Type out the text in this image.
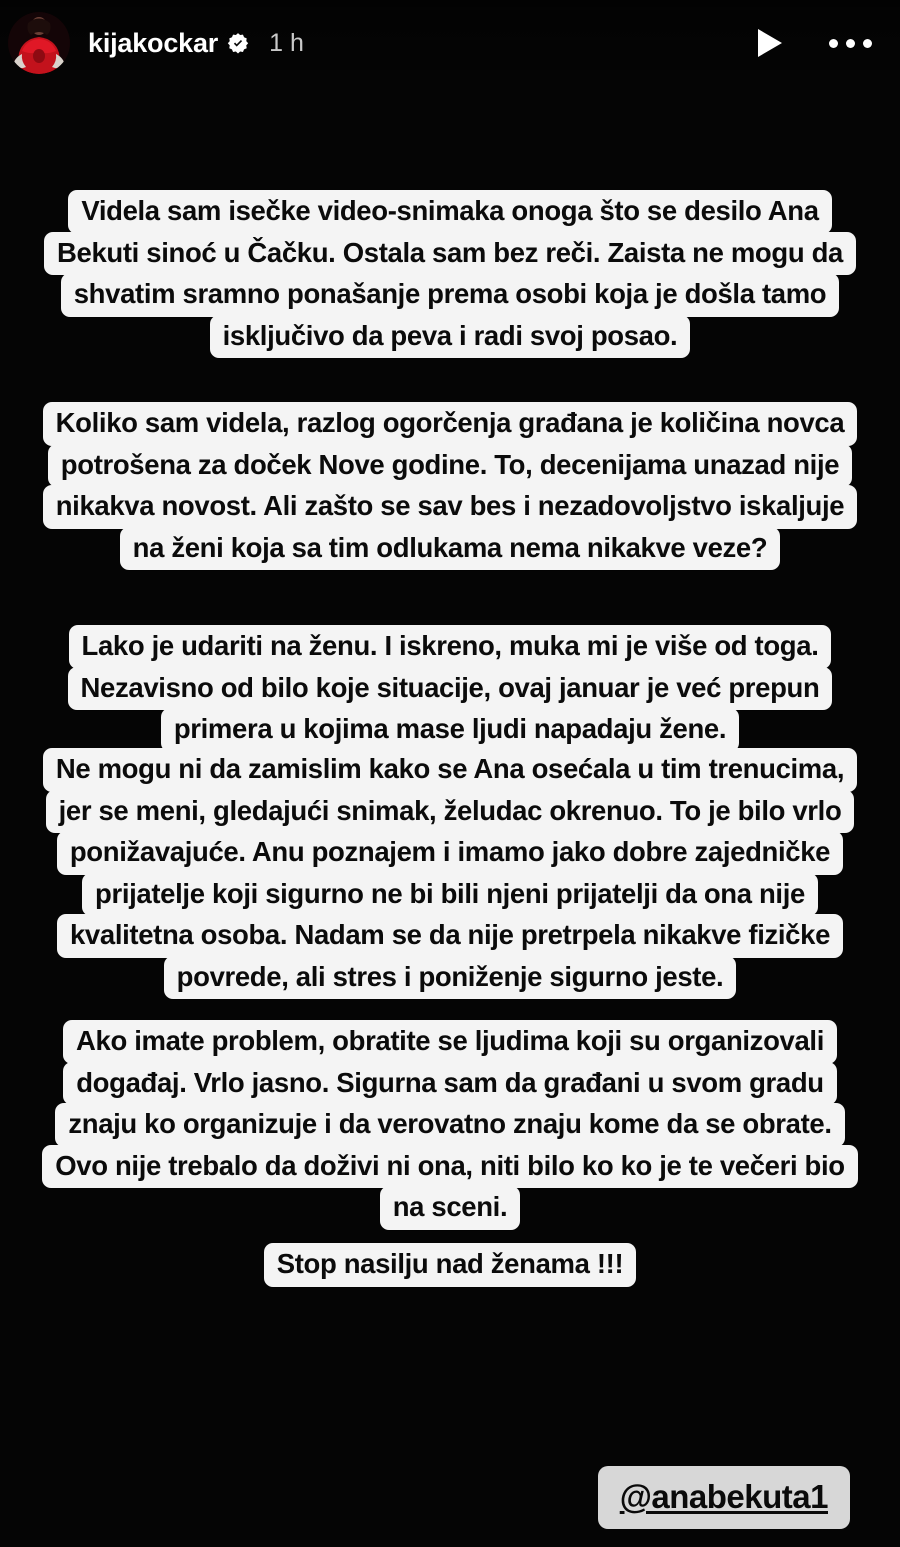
kijakockar 1 h
Videla sam isečke video-snimaka onoga što se desilo Ana
Bekuti sinoć u Čačku. Ostala sam bez reči. Zaista ne mogu da
shvatim sramno ponašanje prema osobi koja je došla tamo
isključivo da peva i radi svoj posao.
Koliko sam videla, razlog ogorčenja građana je količina novca
potrošena za doček Nove godine. To, decenijama unazad nije
nikakva novost. Ali zašto se sav bes i nezadovoljstvo iskaljuje
na ženi koja sa tim odlukama nema nikakve veze?
Lako je udariti na ženu. I iskreno, muka mi je više od toga.
Nezavisno od bilo koje situacije, ovaj januar je već prepun
primera u kojima mase ljudi napadaju žene.
Ne mogu ni da zamislim kako se Ana osećala u tim trenucima,
jer se meni, gledajući snimak, želudac okrenuo. To je bilo vrlo
ponižavajuće. Anu poznajem i imamo jako dobre zajedničke
prijatelje koji sigurno ne bi bili njeni prijatelji da ona nije
kvalitetna osoba. Nadam se da nije pretrpela nikakve fizičke
povrede, ali stres i poniženje sigurno jeste.
Ako imate problem, obratite se ljudima koji su organizovali
događaj. Vrlo jasno. Sigurna sam da građani u svom gradu
znaju ko organizuje i da verovatno znaju kome da se obrate.
Ovo nije trebalo da doživi ni ona, niti bilo ko ko je te večeri bio
na sceni.
Stop nasilju nad ženama !!!
@anabekuta1
